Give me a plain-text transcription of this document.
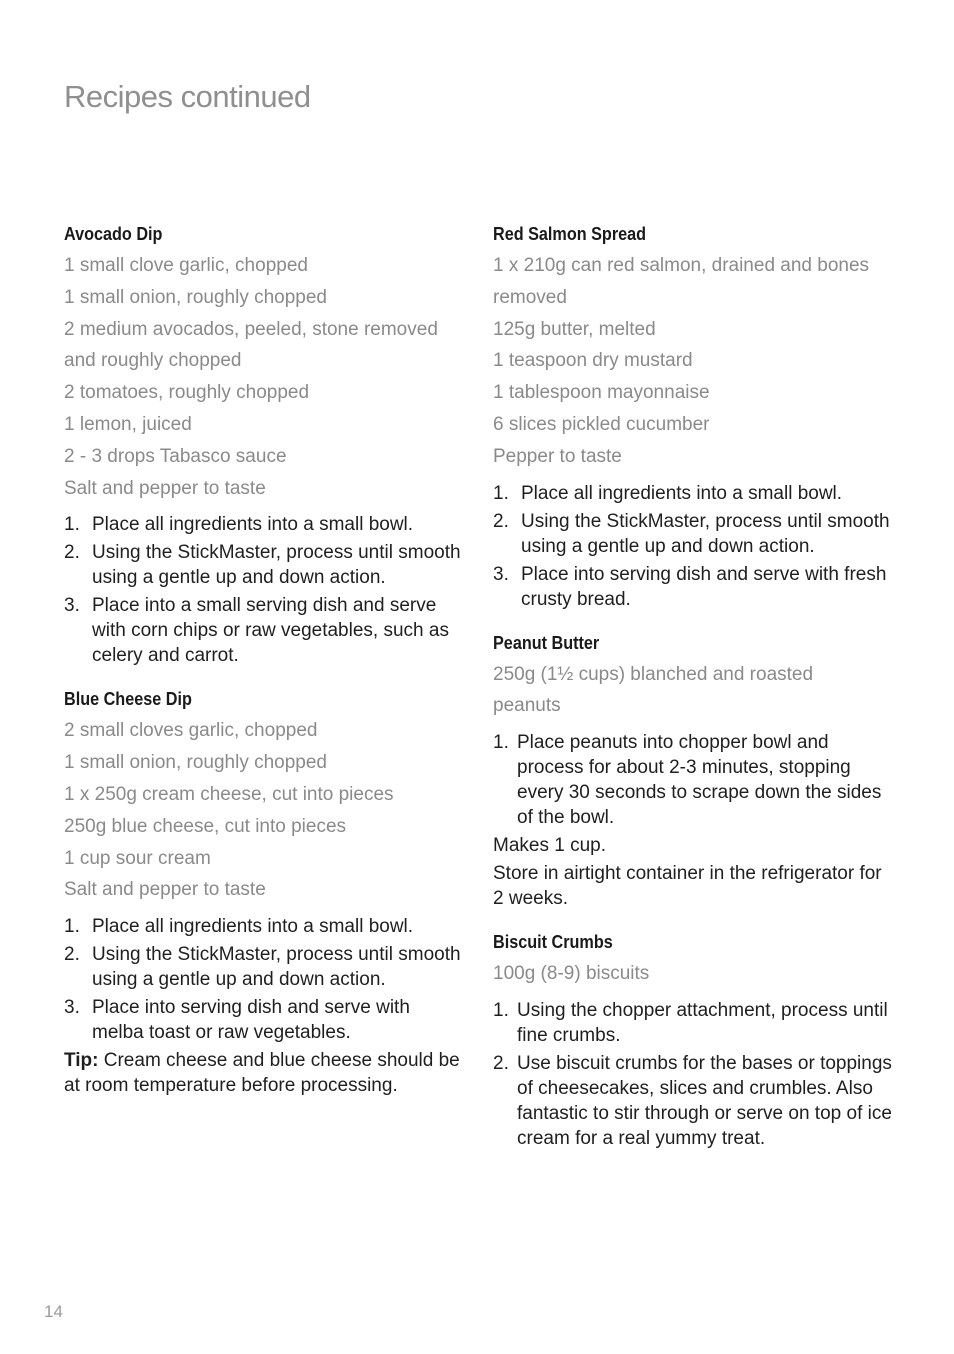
Recipes continued
Avocado Dip
1 small clove garlic, chopped
1 small onion, roughly chopped
2 medium avocados, peeled, stone removed
and roughly chopped
2 tomatoes, roughly chopped
1 lemon, juiced
2 - 3 drops Tabasco sauce
Salt and pepper to taste
1. Place all ingredients into a small bowl.
2. Using the StickMaster, process until smooth using a gentle up and down action.
3. Place into a small serving dish and serve with corn chips or raw vegetables, such as celery and carrot.
Blue Cheese Dip
2 small cloves garlic, chopped
1 small onion, roughly chopped
1 x 250g cream cheese, cut into pieces
250g blue cheese, cut into pieces
1 cup sour cream
Salt and pepper to taste
1. Place all ingredients into a small bowl.
2. Using the StickMaster, process until smooth using a gentle up and down action.
3. Place into serving dish and serve with melba toast or raw vegetables.

Tip: Cream cheese and blue cheese should be at room temperature before processing.

Red Salmon Spread
1 x 210g can red salmon, drained and bones
removed
125g butter, melted
1 teaspoon dry mustard
1 tablespoon mayonnaise
6 slices pickled cucumber
Pepper to taste
1. Place all ingredients into a small bowl.
2. Using the StickMaster, process until smooth using a gentle up and down action.
3. Place into serving dish and serve with fresh crusty bread.
Peanut Butter
250g (1½ cups) blanched and roasted
peanuts
1. Place peanuts into chopper bowl and process for about 2-3 minutes, stopping every 30 seconds to scrape down the sides of the bowl.

Makes 1 cup.

Store in airtight container in the refrigerator for 2 weeks.

Biscuit Crumbs
100g (8-9) biscuits
1. Using the chopper attachment, process until fine crumbs.
2. Use biscuit crumbs for the bases or toppings of cheesecakes, slices and crumbles. Also fantastic to stir through or serve on top of ice cream for a real yummy treat.
14
